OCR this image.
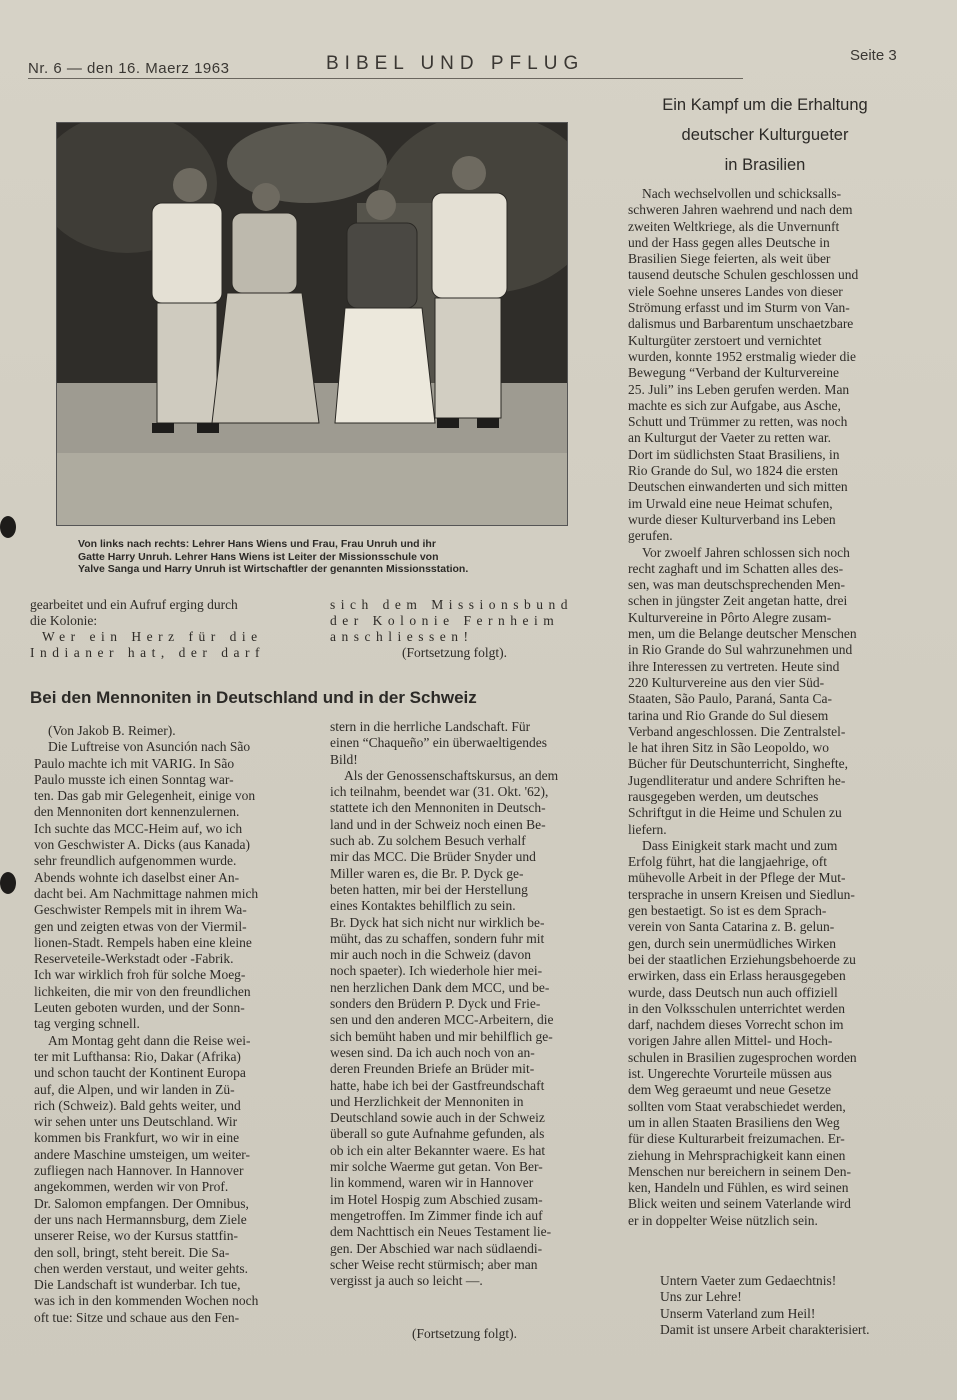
Nr. 6 — den 16. Maerz 1963	BIBEL UND PFLUG	Seite 3
Ein Kampf um die Erhaltung
deutscher Kulturgueter
in Brasilien
Von links nach rechts: Lehrer Hans Wiens und Frau, Frau Unruh und ihr
Gatte Harry Unruh. Lehrer Hans Wiens ist Leiter der Missionsschule von
Yalve Sanga und Harry Unruh ist Wirtschaftler der genannten Missionsstation.
gearbeitet und ein Aufruf erging durch
die Kolonie:
Wer ein Herz für die
Indianer hat, der darf
sich dem Missionsbund
der Kolonie Fernheim
anschliessen!
(Fortsetzung folgt).
Bei den Mennoniten in Deutschland und in der Schweiz
(Von Jakob B. Reimer).
Die Luftreise von Asunción nach São
Paulo machte ich mit VARIG. In São
Paulo musste ich einen Sonntag war-
ten. Das gab mir Gelegenheit, einige von
den Mennoniten dort kennenzulernen.
Ich suchte das MCC-Heim auf, wo ich
von Geschwister A. Dicks (aus Kanada)
sehr freundlich aufgenommen wurde.
Abends wohnte ich daselbst einer An-
dacht bei. Am Nachmittage nahmen mich
Geschwister Rempels mit in ihrem Wa-
gen und zeigten etwas von der Viermil-
lionen-Stadt. Rempels haben eine kleine
Reserveteile-Werkstadt oder -Fabrik.
Ich war wirklich froh für solche Moeg-
lichkeiten, die mir von den freundlichen
Leuten geboten wurden, und der Sonn-
tag verging schnell.
Am Montag geht dann die Reise wei-
ter mit Lufthansa: Rio, Dakar (Afrika)
und schon taucht der Kontinent Europa
auf, die Alpen, und wir landen in Zü-
rich (Schweiz). Bald gehts weiter, und
wir sehen unter uns Deutschland. Wir
kommen bis Frankfurt, wo wir in eine
andere Maschine umsteigen, um weiter-
zufliegen nach Hannover. In Hannover
angekommen, werden wir von Prof.
Dr. Salomon empfangen. Der Omnibus,
der uns nach Hermannsburg, dem Ziele
unserer Reise, wo der Kursus stattfin-
den soll, bringt, steht bereit. Die Sa-
chen werden verstaut, und weiter gehts.
Die Landschaft ist wunderbar. Ich tue,
was ich in den kommenden Wochen noch
oft tue: Sitze und schaue aus den Fen-
stern in die herrliche Landschaft. Für
einen “Chaqueño” ein überwaeltigendes
Bild!
Als der Genossenschaftskursus, an dem
ich teilnahm, beendet war (31. Okt. '62),
stattete ich den Mennoniten in Deutsch-
land und in der Schweiz noch einen Be-
such ab. Zu solchem Besuch verhalf
mir das MCC. Die Brüder Snyder und
Miller waren es, die Br. P. Dyck ge-
beten hatten, mir bei der Herstellung
eines Kontaktes behilflich zu sein.
Br. Dyck hat sich nicht nur wirklich be-
müht, das zu schaffen, sondern fuhr mit
mir auch noch in die Schweiz (davon
noch spaeter). Ich wiederhole hier mei-
nen herzlichen Dank dem MCC, und be-
sonders den Brüdern P. Dyck und Frie-
sen und den anderen MCC-Arbeitern, die
sich bemüht haben und mir behilflich ge-
wesen sind. Da ich auch noch von an-
deren Freunden Briefe an Brüder mit-
hatte, habe ich bei der Gastfreundschaft
und Herzlichkeit der Mennoniten in
Deutschland sowie auch in der Schweiz
überall so gute Aufnahme gefunden, als
ob ich ein alter Bekannter waere. Es hat
mir solche Waerme gut getan. Von Ber-
lin kommend, waren wir in Hannover
im Hotel Hospig zum Abschied zusam-
mengetroffen. Im Zimmer finde ich auf
dem Nachttisch ein Neues Testament lie-
gen. Der Abschied war nach südlaendi-
scher Weise recht stürmisch; aber man
vergisst ja auch so leicht —.
(Fortsetzung folgt).
Nach wechselvollen und schicksalls-
schweren Jahren waehrend und nach dem
zweiten Weltkriege, als die Unvernunft
und der Hass gegen alles Deutsche in
Brasilien Siege feierten, als weit über
tausend deutsche Schulen geschlossen und
viele Soehne unseres Landes von dieser
Strömung erfasst und im Sturm von Van-
dalismus und Barbarentum unschaetzbare
Kulturgüter zerstoert und vernichtet
wurden, konnte 1952 erstmalig wieder die
Bewegung “Verband der Kulturvereine
25. Juli” ins Leben gerufen werden. Man
machte es sich zur Aufgabe, aus Asche,
Schutt und Trümmer zu retten, was noch
an Kulturgut der Vaeter zu retten war.
Dort im südlichsten Staat Brasiliens, in
Rio Grande do Sul, wo 1824 die ersten
Deutschen einwanderten und sich mitten
im Urwald eine neue Heimat schufen,
wurde dieser Kulturverband ins Leben
gerufen.
Vor zwoelf Jahren schlossen sich noch
recht zaghaft und im Schatten alles des-
sen, was man deutschsprechenden Men-
schen in jüngster Zeit angetan hatte, drei
Kulturvereine in Pôrto Alegre zusam-
men, um die Belange deutscher Menschen
in Rio Grande do Sul wahrzunehmen und
ihre Interessen zu vertreten. Heute sind
220 Kulturvereine aus den vier Süd-
Staaten, São Paulo, Paraná, Santa Ca-
tarina und Rio Grande do Sul diesem
Verband angeschlossen. Die Zentralstel-
le hat ihren Sitz in São Leopoldo, wo
Bücher für Deutschunterricht, Singhefte,
Jugendliteratur und andere Schriften he-
rausgegeben werden, um deutsches
Schriftgut in die Heime und Schulen zu
liefern.
Dass Einigkeit stark macht und zum
Erfolg führt, hat die langjaehrige, oft
mühevolle Arbeit in der Pflege der Mut-
tersprache in unsern Kreisen und Siedlun-
gen bestaetigt. So ist es dem Sprach-
verein von Santa Catarina z. B. gelun-
gen, durch sein unermüdliches Wirken
bei der staatlichen Erziehungsbehoerde zu
erwirken, dass ein Erlass herausgegeben
wurde, dass Deutsch nun auch offiziell
in den Volksschulen unterrichtet werden
darf, nachdem dieses Vorrecht schon im
vorigen Jahre allen Mittel- und Hoch-
schulen in Brasilien zugesprochen worden
ist. Ungerechte Vorurteile müssen aus
dem Weg geraeumt und neue Gesetze
sollten vom Staat verabschiedet werden,
um in allen Staaten Brasiliens den Weg
für diese Kulturarbeit freizumachen. Er-
ziehung in Mehrsprachigkeit kann einen
Menschen nur bereichern in seinem Den-
ken, Handeln und Fühlen, es wird seinen
Blick weiten und seinem Vaterlande wird
er in doppelter Weise nützlich sein.
Untern Vaeter zum Gedaechtnis!
Uns zur Lehre!
Unserm Vaterland zum Heil!
Damit ist unsere Arbeit charakterisiert.
